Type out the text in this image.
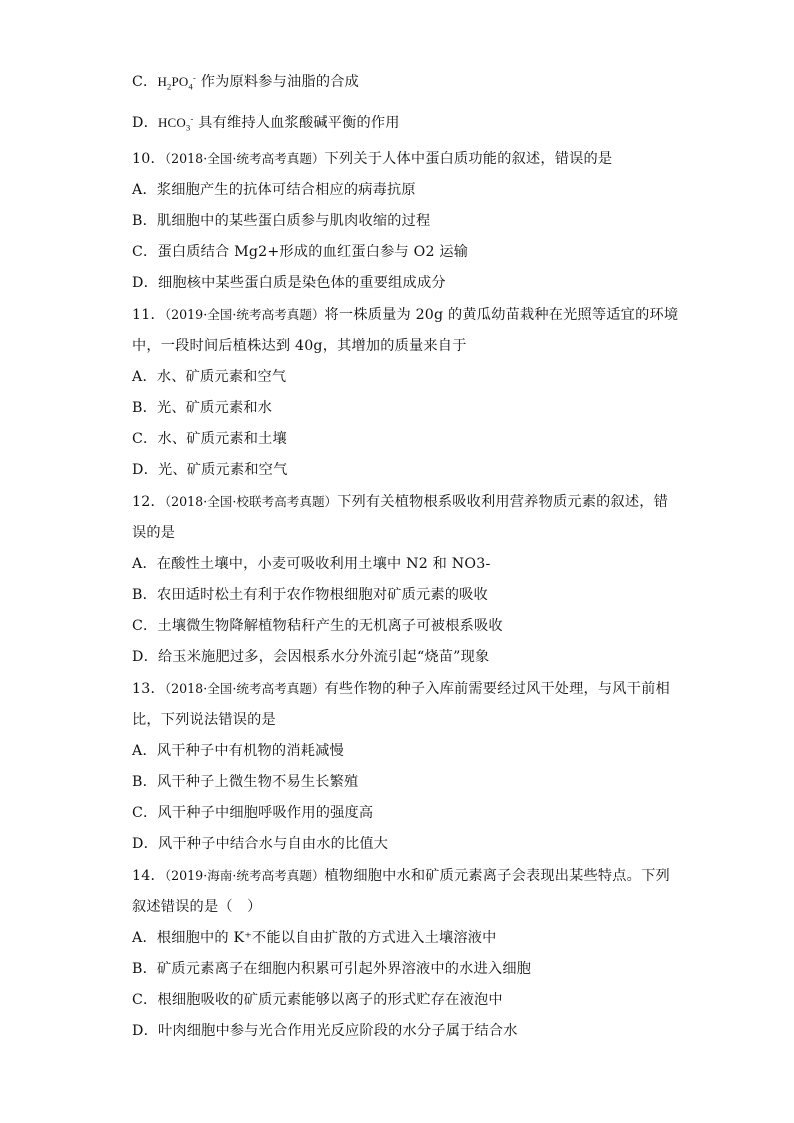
C．$H_2PO_4^-$ 作为原料参与油脂的合成
D．$HCO_3^-$ 具有维持人血浆酸碱平衡的作用
10．（2018·全国·统考高考真题）下列关于人体中蛋白质功能的叙述，错误的是
A．浆细胞产生的抗体可结合相应的病毒抗原
B．肌细胞中的某些蛋白质参与肌肉收缩的过程
C．蛋白质结合 Mg2+形成的血红蛋白参与 O2 运输
D．细胞核中某些蛋白质是染色体的重要组成成分
11．（2019·全国·统考高考真题）将一株质量为 20g 的黄瓜幼苗栽种在光照等适宜的环境
中，一段时间后植株达到 40g，其增加的质量来自于
A．水、矿质元素和空气
B．光、矿质元素和水
C．水、矿质元素和土壤
D．光、矿质元素和空气
12．（2018·全国·校联考高考真题）下列有关植物根系吸收利用营养物质元素的叙述，错
误的是
A．在酸性土壤中，小麦可吸收利用土壤中 N2 和 NO3-
B．农田适时松土有利于农作物根细胞对矿质元素的吸收
C．土壤微生物降解植物秸秆产生的无机离子可被根系吸收
D．给玉米施肥过多，会因根系水分外流引起“烧苗”现象
13．（2018·全国·统考高考真题）有些作物的种子入库前需要经过风干处理，与风干前相
比，下列说法错误的是
A．风干种子中有机物的消耗减慢
B．风干种子上微生物不易生长繁殖
C．风干种子中细胞呼吸作用的强度高
D．风干种子中结合水与自由水的比值大
14．（2019·海南·统考高考真题）植物细胞中水和矿质元素离子会表现出某些特点。下列
叙述错误的是（　）
A．根细胞中的 K⁺不能以自由扩散的方式进入土壤溶液中
B．矿质元素离子在细胞内积累可引起外界溶液中的水进入细胞
C．根细胞吸收的矿质元素能够以离子的形式贮存在液泡中
D．叶肉细胞中参与光合作用光反应阶段的水分子属于结合水
